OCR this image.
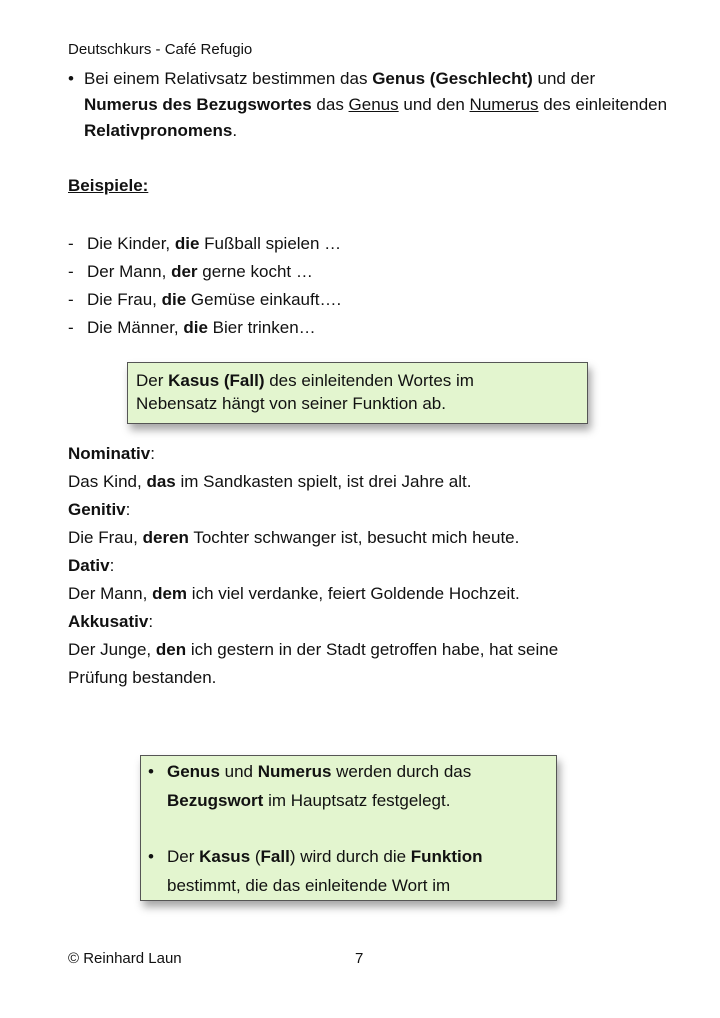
Deutschkurs - Café Refugio
• Bei einem Relativsatz bestimmen das Genus (Geschlecht) und der
Numerus des Bezugswortes das Genus und den Numerus des einleitenden Relativpronomens.
Beispiele:
- Die Kinder, die Fußball spielen …
- Der Mann, der gerne kocht …
- Die Frau, die Gemüse einkauft….
- Die Männer, die Bier trinken…
Der Kasus (Fall) des einleitenden Wortes im
Nebensatz hängt von seiner Funktion ab.
Nominativ:
Das Kind, das im Sandkasten spielt, ist drei Jahre alt.
Genitiv:
Die Frau, deren Tochter schwanger ist, besucht mich heute.
Dativ:
Der Mann, dem ich viel verdanke, feiert Goldende Hochzeit.
Akkusativ:
Der Junge, den ich gestern in der Stadt getroffen habe, hat seine
Prüfung bestanden.
• Genus und Numerus werden durch das
Bezugswort im Hauptsatz festgelegt.
• Der Kasus (Fall) wird durch die Funktion
bestimmt, die das einleitende Wort im
© Reinhard Laun	7
